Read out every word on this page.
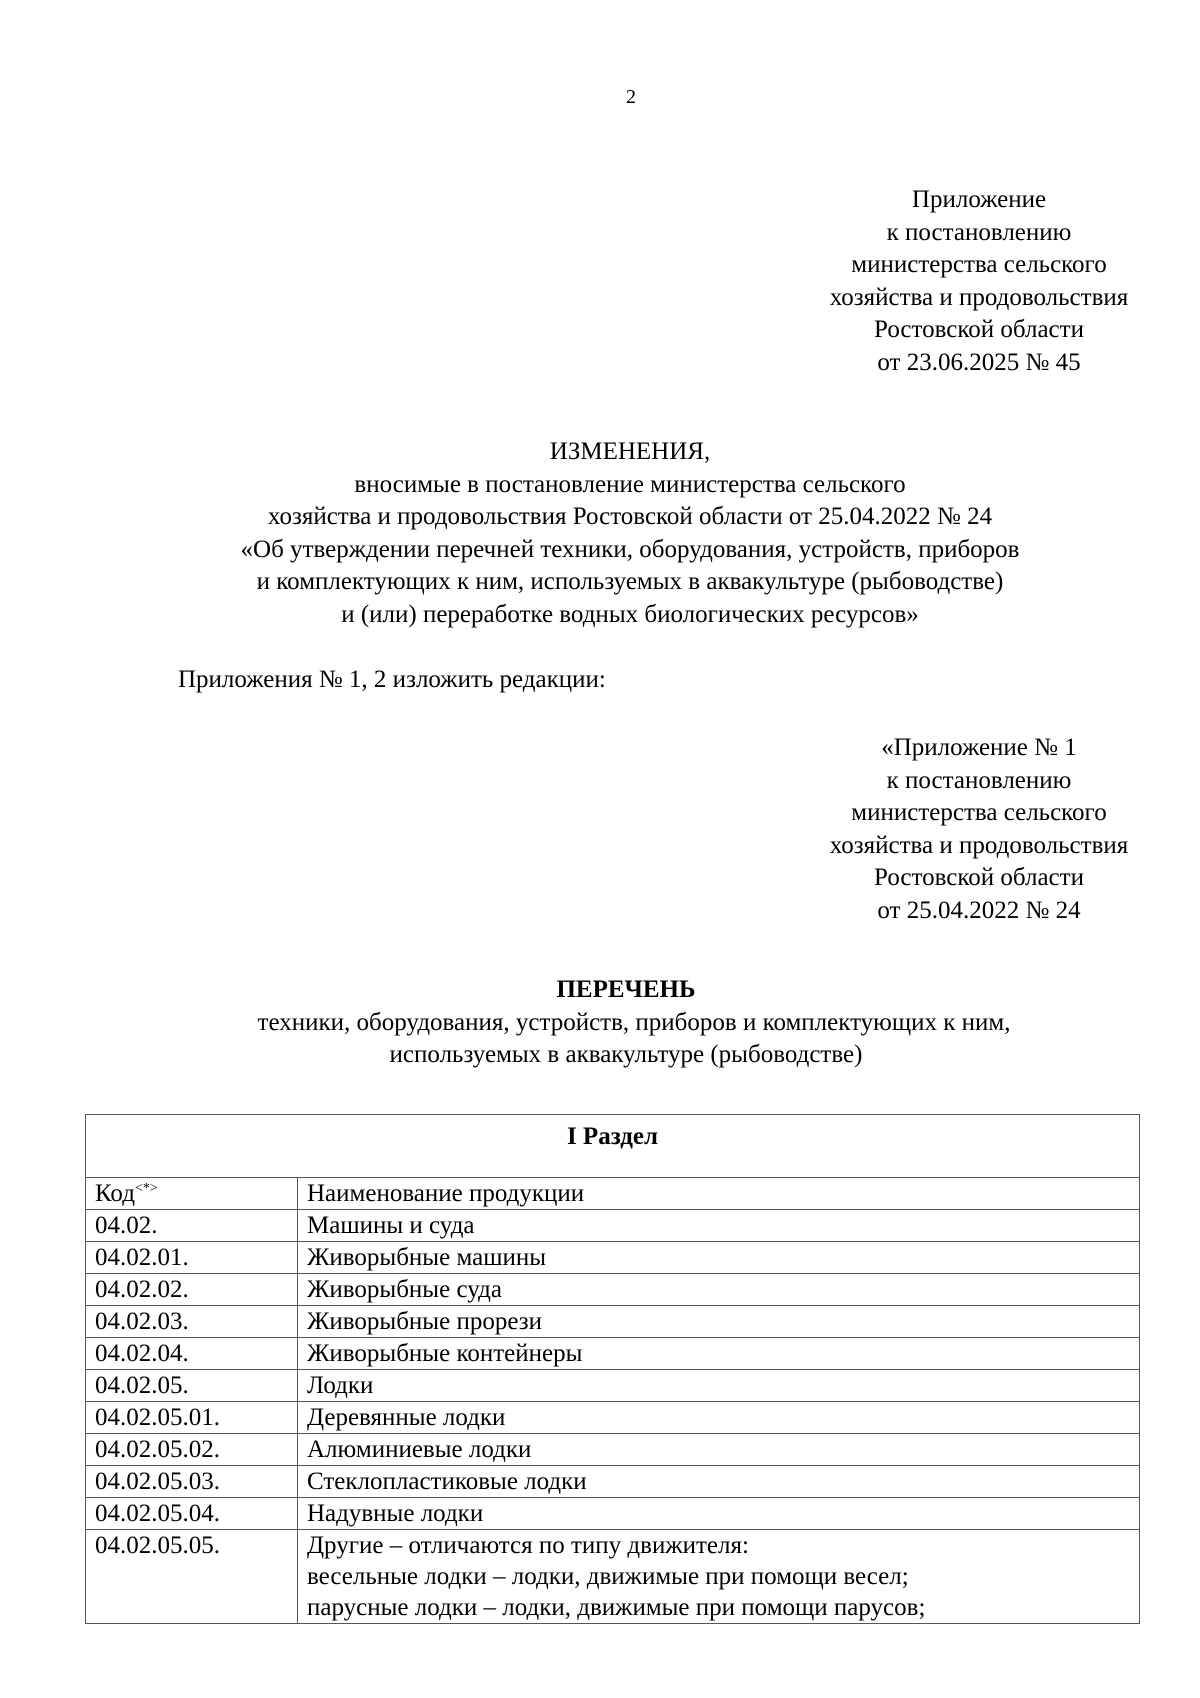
2
Приложение
к постановлению
министерства сельского
хозяйства и продовольствия
Ростовской области
от 23.06.2025 № 45
ИЗМЕНЕНИЯ,
вносимые в постановление министерства сельского
хозяйства и продовольствия Ростовской области от 25.04.2022 № 24
«Об утверждении перечней техники, оборудования, устройств, приборов
и комплектующих к ним, используемых в аквакультуре (рыбоводстве)
и (или) переработке водных биологических ресурсов»
Приложения № 1, 2 изложить редакции:
«Приложение № 1
к постановлению
министерства сельского
хозяйства и продовольствия
Ростовской области
от 25.04.2022 № 24
ПЕРЕЧЕНЬ
техники, оборудования, устройств, приборов и комплектующих к ним,
используемых в аквакультуре (рыбоводстве)
I Раздел	
Код<*>	Наименование продукции
04.02.	Машины и суда
04.02.01.	Живорыбные машины
04.02.02.	Живорыбные суда
04.02.03.	Живорыбные прорези
04.02.04.	Живорыбные контейнеры
04.02.05.	Лодки
04.02.05.01.	Деревянные лодки
04.02.05.02.	Алюминиевые лодки
04.02.05.03.	Стеклопластиковые лодки
04.02.05.04.	Надувные лодки
04.02.05.05.	Другие – отличаются по типу движителя:
весельные лодки – лодки, движимые при помощи весел;
парусные лодки – лодки, движимые при помощи парусов;
